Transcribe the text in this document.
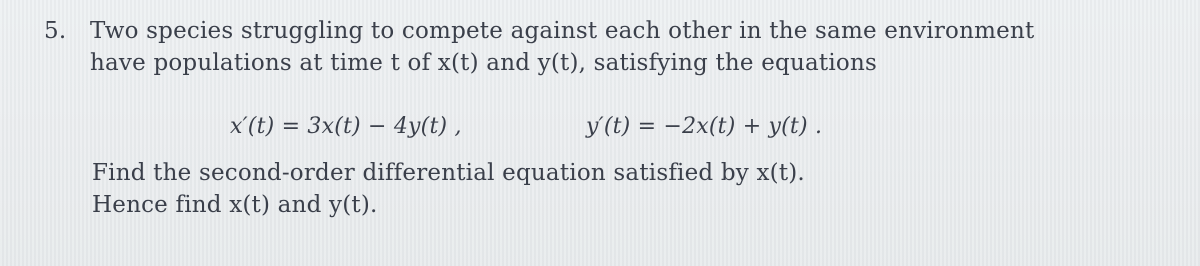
5. Two species struggling to compete against each other in the same environment
have populations at time t of x(t) and y(t), satisfying the equations
x′(t) = 3x(t) − 4y(t) ,	y′(t) = −2x(t) + y(t) .
Find the second-order differential equation satisfied by x(t).
Hence find x(t) and y(t).
